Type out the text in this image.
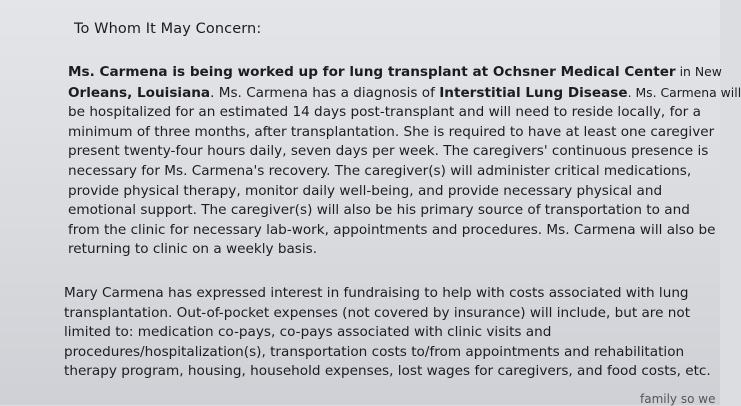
To Whom It May Concern:
Ms. Carmena is being worked up for lung transplant at Ochsner Medical Center in New
Orleans, Louisiana. Ms. Carmena has a diagnosis of Interstitial Lung Disease. Ms. Carmena will
be hospitalized for an estimated 14 days post-transplant and will need to reside locally, for a
minimum of three months, after transplantation. She is required to have at least one caregiver
present twenty-four hours daily, seven days per week. The caregivers' continuous presence is
necessary for Ms. Carmena's recovery. The caregiver(s) will administer critical medications,
provide physical therapy, monitor daily well-being, and provide necessary physical and
emotional support. The caregiver(s) will also be his primary source of transportation to and
from the clinic for necessary lab-work, appointments and procedures. Ms. Carmena will also be
returning to clinic on a weekly basis.
Mary Carmena has expressed interest in fundraising to help with costs associated with lung
transplantation. Out-of-pocket expenses (not covered by insurance) will include, but are not
limited to: medication co-pays, co-pays associated with clinic visits and
procedures/hospitalization(s), transportation costs to/from appointments and rehabilitation
therapy program, housing, household expenses, lost wages for caregivers, and food costs, etc.
family so we
